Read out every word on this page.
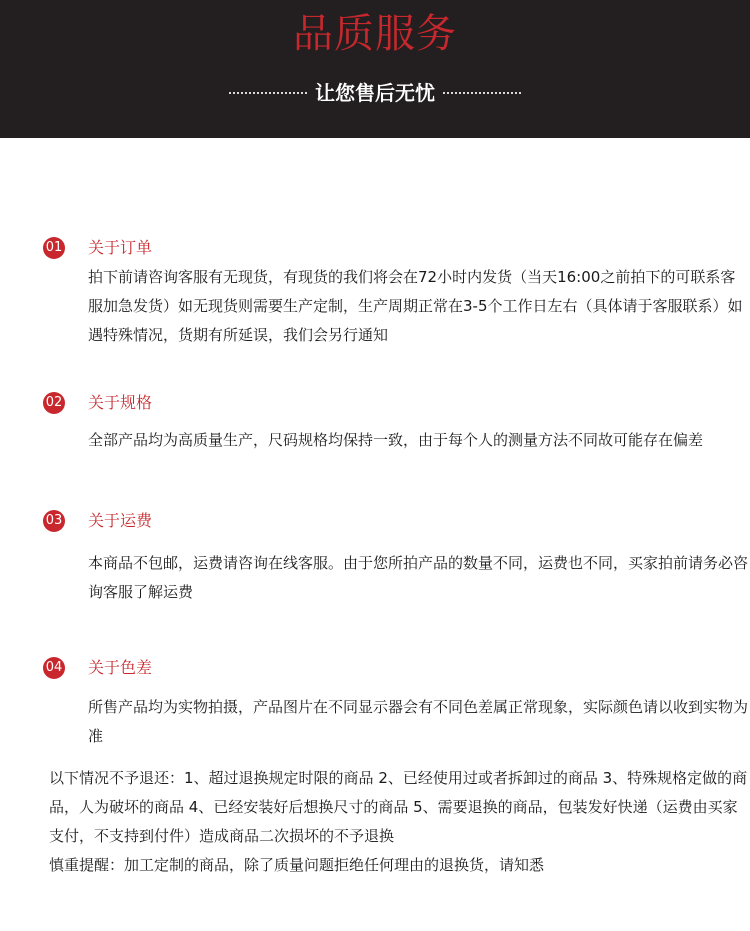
品质服务
让您售后无忧
01 关于订单
拍下前请咨询客服有无现货，有现货的我们将会在72小时内发货（当天16:00之前拍下的可联系客服加急发货）如无现货则需要生产定制，生产周期正常在3-5个工作日左右（具体请于客服联系）如遇特殊情况，货期有所延误，我们会另行通知
02 关于规格
全部产品均为高质量生产，尺码规格均保持一致，由于每个人的测量方法不同故可能存在偏差
03 关于运费
本商品不包邮，运费请咨询在线客服。由于您所拍产品的数量不同，运费也不同，买家拍前请务必咨询客服了解运费
04 关于色差
所售产品均为实物拍摄，产品图片在不同显示器会有不同色差属正常现象，实际颜色请以收到实物为准

以下情况不予退还：1、超过退换规定时限的商品 2、已经使用过或者拆卸过的商品 3、特殊规格定做的商品，人为破坏的商品 4、已经安装好后想换尺寸的商品 5、需要退换的商品，包装发好快递（运费由买家支付，不支持到付件）造成商品二次损坏的不予退换

慎重提醒：加工定制的商品，除了质量问题拒绝任何理由的退换货，请知悉
